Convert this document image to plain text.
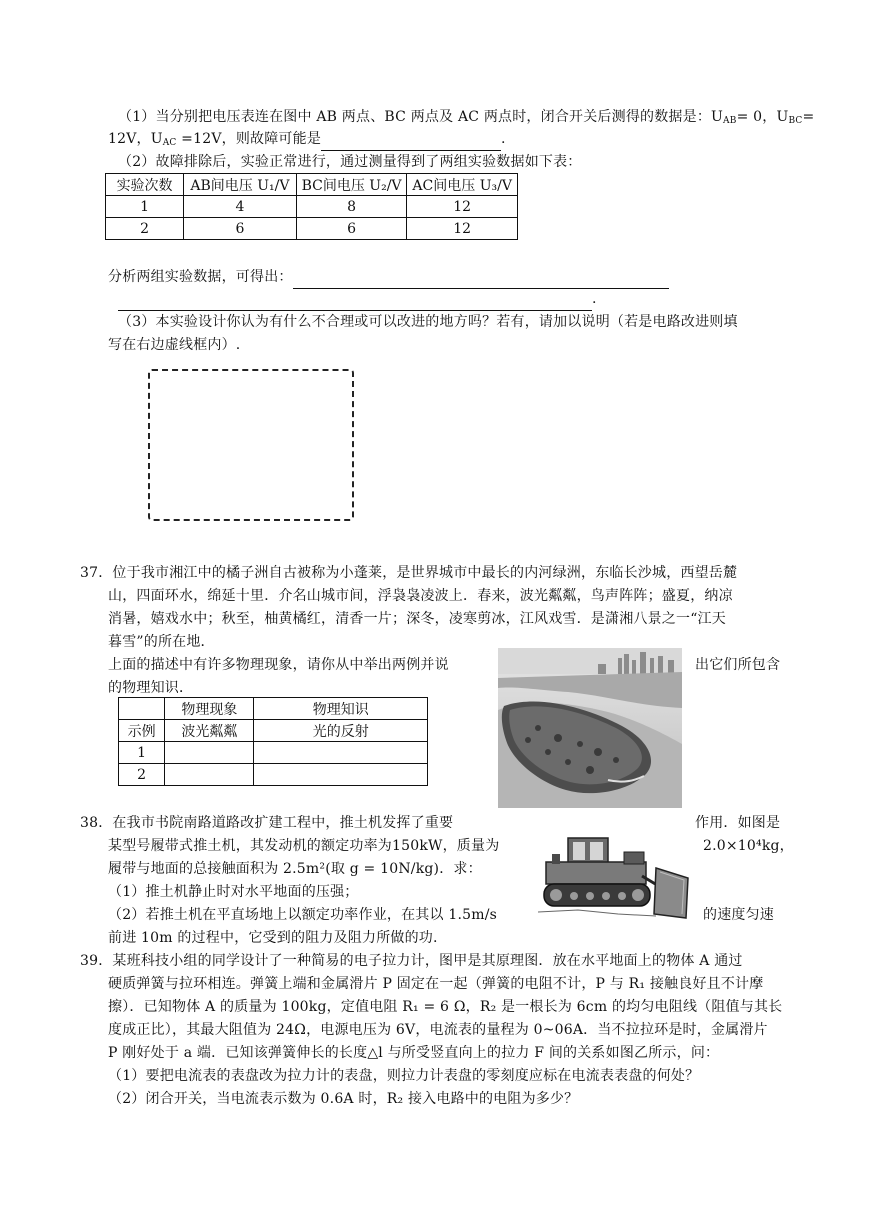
（1）当分别把电压表连在图中 AB 两点、BC 两点及 AC 两点时，闭合开关后测得的数据是：$U_{AB}= 0$，$U_{BC}=$
12V，$U_{AC} =12V$，则故障可能是	.
（2）故障排除后，实验正常进行，通过测量得到了两组实验数据如下表：
实验次数	AB间电压 U₁/V	BC间电压 U₂/V	AC间电压 U₃/V
1	4	8	12
2	6	6	12
分析两组实验数据，可得出：
.
（3）本实验设计你认为有什么不合理或可以改进的地方吗？若有，请加以说明（若是电路改进则填
写在右边虚线框内）.
37．位于我市湘江中的橘子洲自古被称为小蓬莱，是世界城市中最长的内河绿洲，东临长沙城，西望岳麓
山，四面环水，绵延十里．介名山城市间，浮袅袅凌波上．春来，波光粼粼，鸟声阵阵；盛夏，纳凉
消暑，嬉戏水中；秋至，柚黄橘红，清香一片；深冬，凌寒剪冰，江风戏雪．是潇湘八景之一“江天
暮雪”的所在地．
上面的描述中有许多物理现象，请你从中举出两例并说	出它们所包含
的物理知识．
	物理现象	物理知识
示例	波光粼粼	光的反射
1		
2		
38．在我市书院南路道路改扩建工程中，推土机发挥了重要	作用．如图是
某型号履带式推土机，其发动机的额定功率为150kW，质量为	2.0×10⁴kg，
履带与地面的总接触面积为 2.5m²(取 g = 10N/kg)．求：
（1）推土机静止时对水平地面的压强；
（2）若推土机在平直场地上以额定功率作业，在其以 1.5m/s	的速度匀速
前进 10m 的过程中，它受到的阻力及阻力所做的功.
39．某班科技小组的同学设计了一种简易的电子拉力计，图甲是其原理图．放在水平地面上的物体 A 通过
硬质弹簧与拉环相连。弹簧上端和金属滑片 P 固定在一起（弹簧的电阻不计，P 与 R₁ 接触良好且不计摩
擦）．已知物体 A 的质量为 100kg，定值电阻 R₁ = 6 Ω，R₂ 是一根长为 6cm 的均匀电阻线（阻值与其长
度成正比），其最大阻值为 24Ω，电源电压为 6V，电流表的量程为 0~06A．当不拉拉环是时，金属滑片
P 刚好处于 a 端．已知该弹簧伸长的长度△l 与所受竖直向上的拉力 F 间的关系如图乙所示，问：
（1）要把电流表的表盘改为拉力计的表盘，则拉力计表盘的零刻度应标在电流表表盘的何处？
（2）闭合开关，当电流表示数为 0.6A 时，R₂ 接入电路中的电阻为多少？
